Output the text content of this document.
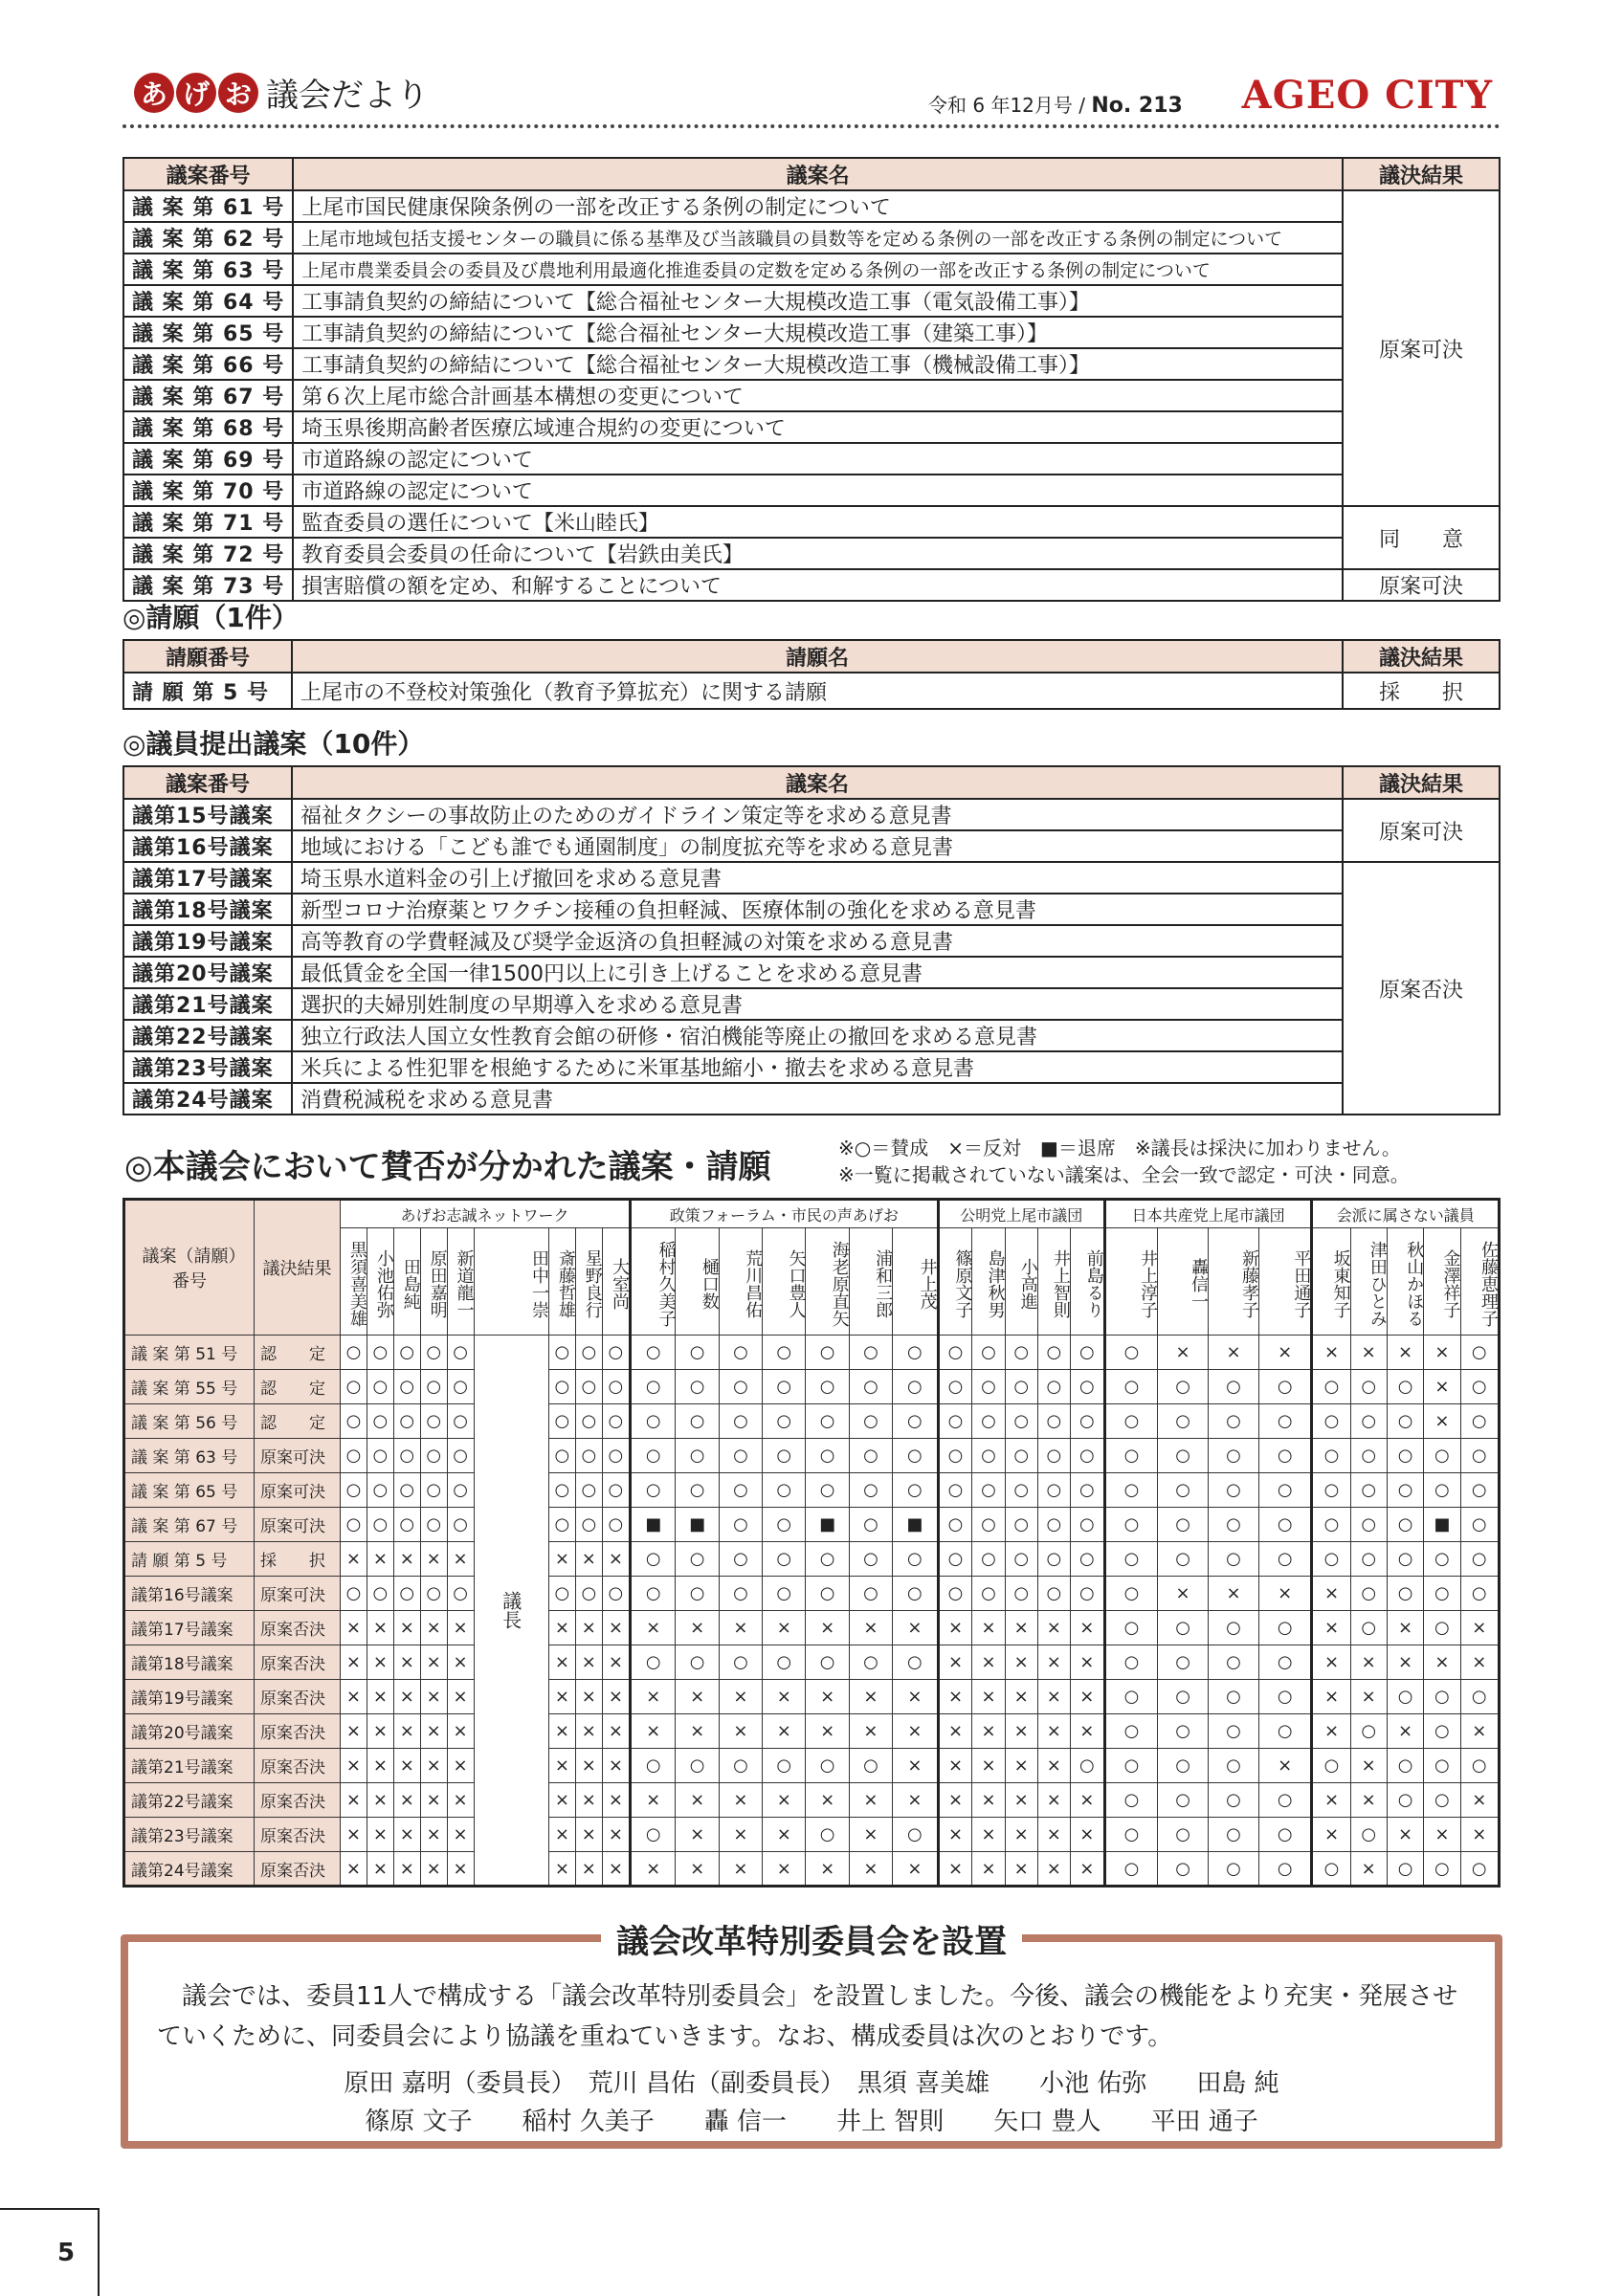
あ げ お 議会だより	令和 6 年12月号 / No. 213 AGEO CITY
議案番号	議案名	議決結果
議 案 第 61 号	上尾市国民健康保険条例の一部を改正する条例の制定について	原案可決
議 案 第 62 号	上尾市地域包括支援センターの職員に係る基準及び当該職員の員数等を定める条例の一部を改正する条例の制定について	
議 案 第 63 号	上尾市農業委員会の委員及び農地利用最適化推進委員の定数を定める条例の一部を改正する条例の制定について	
議 案 第 64 号	工事請負契約の締結について【総合福祉センター大規模改造工事（電気設備工事）】	
議 案 第 65 号	工事請負契約の締結について【総合福祉センター大規模改造工事（建築工事）】	
議 案 第 66 号	工事請負契約の締結について【総合福祉センター大規模改造工事（機械設備工事）】	
議 案 第 67 号	第６次上尾市総合計画基本構想の変更について	
議 案 第 68 号	埼玉県後期高齢者医療広域連合規約の変更について	
議 案 第 69 号	市道路線の認定について	
議 案 第 70 号	市道路線の認定について	
議 案 第 71 号	監査委員の選任について【米山睦氏】	同　　意
議 案 第 72 号	教育委員会委員の任命について【岩鉄由美氏】	
議 案 第 73 号	損害賠償の額を定め、和解することについて	原案可決
◎請願（1件）
請願番号	請願名	議決結果
請 願 第 5 号	上尾市の不登校対策強化（教育予算拡充）に関する請願	採　　択
◎議員提出議案（10件）
議案番号	議案名	議決結果
議第15号議案	福祉タクシーの事故防止のためのガイドライン策定等を求める意見書	原案可決
議第16号議案	地域における「こども誰でも通園制度」の制度拡充等を求める意見書	
議第17号議案	埼玉県水道料金の引上げ撤回を求める意見書	原案否決
議第18号議案	新型コロナ治療薬とワクチン接種の負担軽減、医療体制の強化を求める意見書	
議第19号議案	高等教育の学費軽減及び奨学金返済の負担軽減の対策を求める意見書	
議第20号議案	最低賃金を全国一律1500円以上に引き上げることを求める意見書	
議第21号議案	選択的夫婦別姓制度の早期導入を求める意見書	
議第22号議案	独立行政法人国立女性教育会館の研修・宿泊機能等廃止の撤回を求める意見書	
議第23号議案	米兵による性犯罪を根絶するために米軍基地縮小・撤去を求める意見書	
議第24号議案	消費税減税を求める意見書	
◎本議会において賛否が分かれた議案・請願	※○＝賛成　×＝反対　■＝退席　※議長は採決に加わりません。
※一覧に掲載されていない議案は、全会一致で認定・可決・同意。
議案（請願）番号	議決結果	あげお志誠ネットワーク									政策フォーラム・市民の声あげお							公明党上尾市議団					日本共産党上尾市議団				会派に属さない議員				
		黒須喜美雄	小池佑弥	田島純	原田嘉明	新道龍一	田中一崇	斎藤哲雄	星野良行	大室尚	稲村久美子	樋口数	荒川昌佑	矢口豊人	海老原直矢	浦和三郎	井上茂	篠原文子	島津秋男	小高進	井上智則	前島るり	井上淳子	轟信一	新藤孝子	平田通子	坂東知子	津田ひとみ	秋山かほる	金澤祥子	佐藤恵理子
議 案 第 51 号	認　　定	○	○	○	○	○	議長	○	○	○	○	○	○	○	○	○	○	○	○	○	○	○	○	×	×	×	×	×	×	×	○
議 案 第 55 号	認　　定	○	○	○	○	○		○	○	○	○	○	○	○	○	○	○	○	○	○	○	○	○	○	○	○	○	○	○	×	○
議 案 第 56 号	認　　定	○	○	○	○	○		○	○	○	○	○	○	○	○	○	○	○	○	○	○	○	○	○	○	○	○	○	○	×	○
議 案 第 63 号	原案可決	○	○	○	○	○		○	○	○	○	○	○	○	○	○	○	○	○	○	○	○	○	○	○	○	○	○	○	○	○
議 案 第 65 号	原案可決	○	○	○	○	○		○	○	○	○	○	○	○	○	○	○	○	○	○	○	○	○	○	○	○	○	○	○	○	○
議 案 第 67 号	原案可決	○	○	○	○	○		○	○	○	■	■	○	○	■	○	■	○	○	○	○	○	○	○	○	○	○	○	○	■	○
請 願 第 5 号	採　　択	×	×	×	×	×		×	×	×	○	○	○	○	○	○	○	○	○	○	○	○	○	○	○	○	○	○	○	○	○
議第16号議案	原案可決	○	○	○	○	○		○	○	○	○	○	○	○	○	○	○	○	○	○	○	○	○	×	×	×	×	○	○	○	○
議第17号議案	原案否決	×	×	×	×	×		×	×	×	×	×	×	×	×	×	×	×	×	×	×	×	○	○	○	○	×	○	×	○	×
議第18号議案	原案否決	×	×	×	×	×		×	×	×	○	○	○	○	○	○	○	×	×	×	×	×	○	○	○	○	×	×	×	×	×
議第19号議案	原案否決	×	×	×	×	×		×	×	×	×	×	×	×	×	×	×	×	×	×	×	×	○	○	○	○	×	×	○	○	○
議第20号議案	原案否決	×	×	×	×	×		×	×	×	×	×	×	×	×	×	×	×	×	×	×	×	○	○	○	○	×	○	×	○	×
議第21号議案	原案否決	×	×	×	×	×		×	×	×	○	○	○	○	○	○	×	×	×	×	×	○	○	○	○	×	○	×	○	○	○
議第22号議案	原案否決	×	×	×	×	×		×	×	×	×	×	×	×	×	×	×	×	×	×	×	×	○	○	○	○	×	×	○	○	×
議第23号議案	原案否決	×	×	×	×	×		×	×	×	○	×	×	×	○	×	○	×	×	×	×	×	○	○	○	○	×	○	×	×	×
議第24号議案	原案否決	×	×	×	×	×		×	×	×	×	×	×	×	×	×	×	×	×	×	×	×	○	○	○	○	○	×	○	○	○
議会改革特別委員会を設置

議会では、委員11人で構成する「議会改革特別委員会」を設置しました。今後、議会の機能をより充実・発展させていくために、同委員会により協議を重ねていきます。なお、構成委員は次のとおりです。

原田 嘉明（委員長）　荒川 昌佑（副委員長）　黒須 喜美雄　　小池 佑弥　　田島 純
篠原 文子　　稲村 久美子　　轟 信一　　井上 智則　　矢口 豊人　　平田 通子
5
